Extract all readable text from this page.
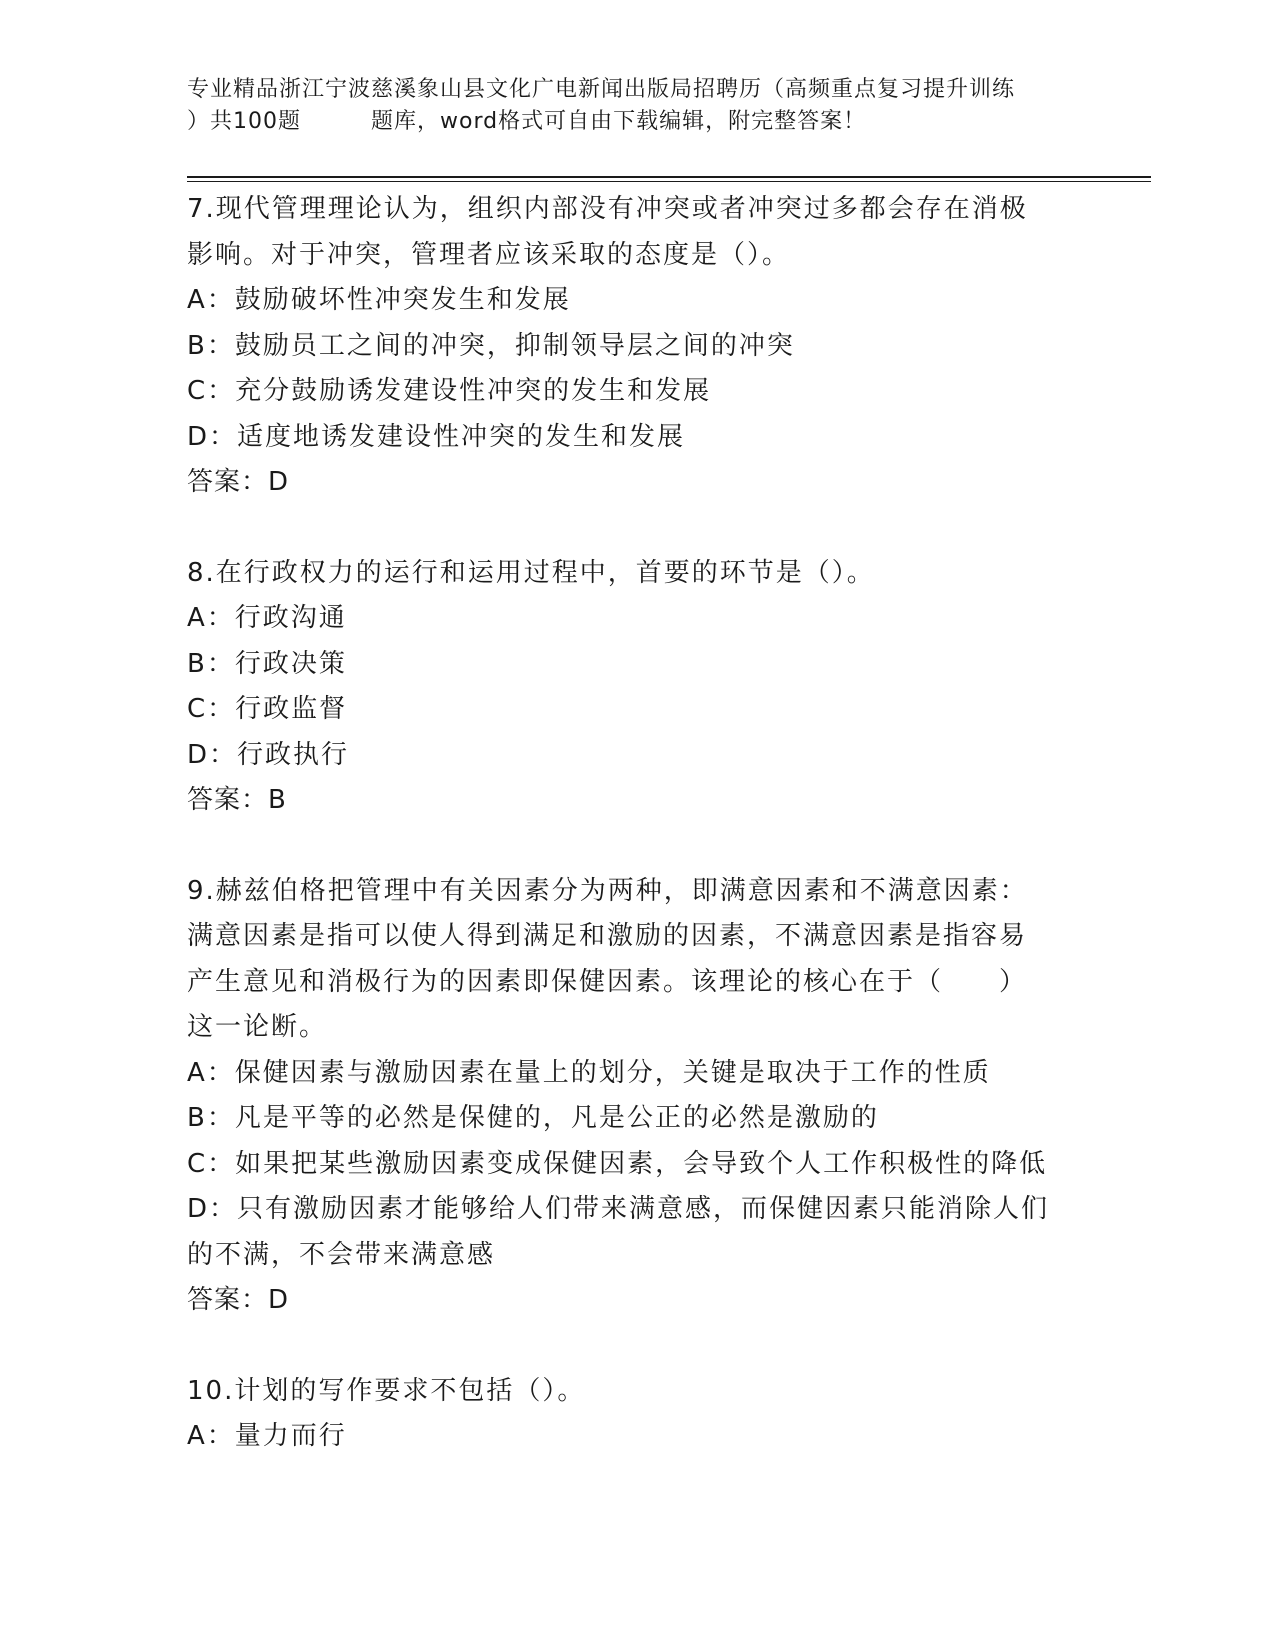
专业精品浙江宁波慈溪象山县文化广电新闻出版局招聘历（高频重点复习提升训练
）共100题	题库，word格式可自由下载编辑，附完整答案！
7.现代管理理论认为，组织内部没有冲突或者冲突过多都会存在消极
影响。对于冲突，管理者应该采取的态度是（）。
A：鼓励破坏性冲突发生和发展
B：鼓励员工之间的冲突，抑制领导层之间的冲突
C：充分鼓励诱发建设性冲突的发生和发展
D：适度地诱发建设性冲突的发生和发展
答案：D
8.在行政权力的运行和运用过程中，首要的环节是（）。
A：行政沟通
B：行政决策
C：行政监督
D：行政执行
答案：B
9.赫兹伯格把管理中有关因素分为两种，即满意因素和不满意因素：
满意因素是指可以使人得到满足和激励的因素，不满意因素是指容易
产生意见和消极行为的因素即保健因素。该理论的核心在于（　　）
这一论断。
A：保健因素与激励因素在量上的划分，关键是取决于工作的性质
B：凡是平等的必然是保健的，凡是公正的必然是激励的
C：如果把某些激励因素变成保健因素，会导致个人工作积极性的降低
D：只有激励因素才能够给人们带来满意感，而保健因素只能消除人们
的不满，不会带来满意感
答案：D
10.计划的写作要求不包括（）。
A：量力而行
